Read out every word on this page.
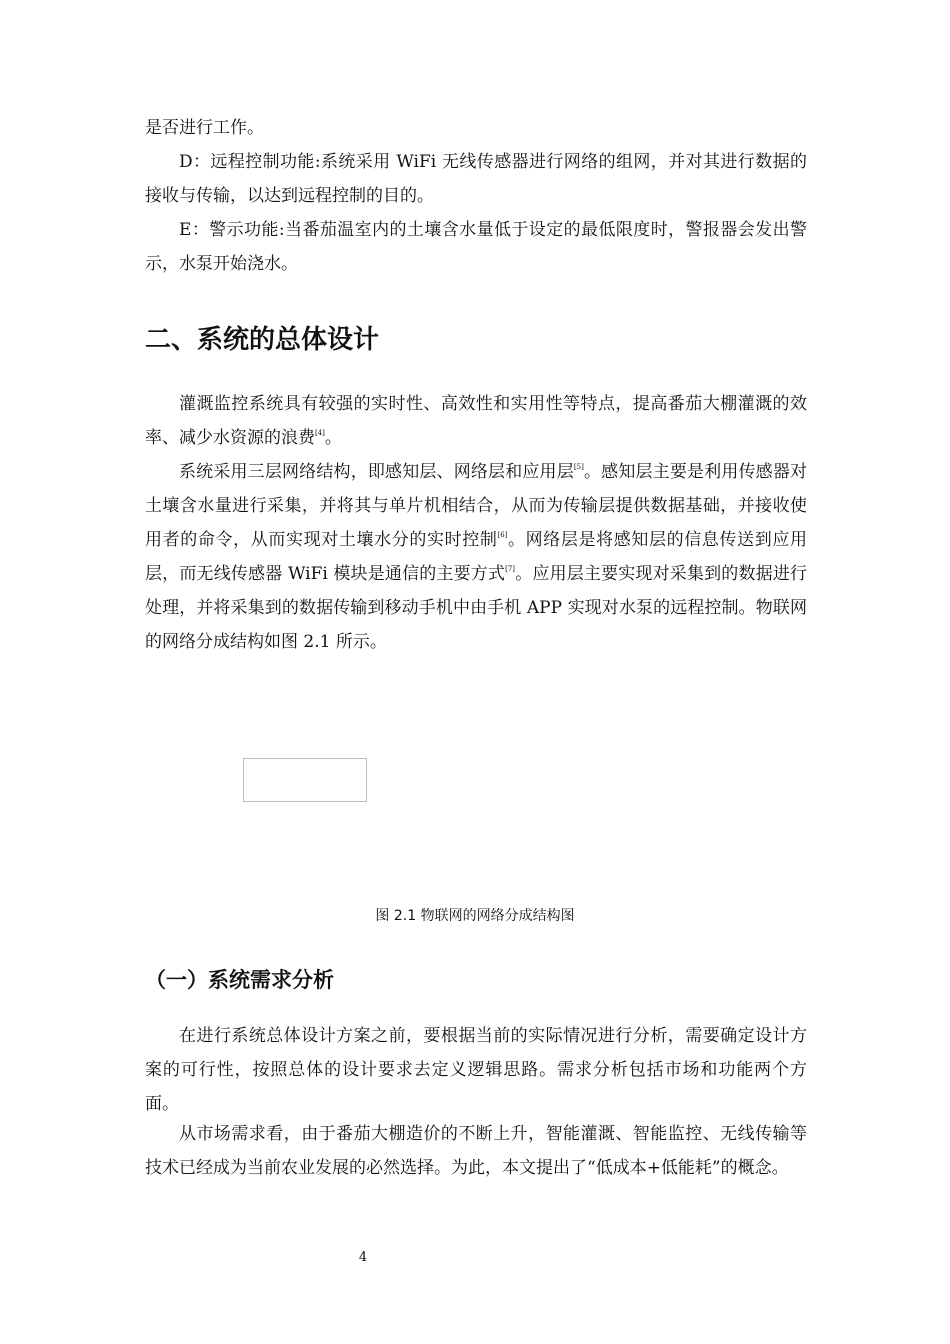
是否进行工作。

D：远程控制功能:系统采用 WiFi 无线传感器进行网络的组网，并对其进行数据的接收与传输，以达到远程控制的目的。

E：警示功能:当番茄温室内的土壤含水量低于设定的最低限度时，警报器会发出警示，水泵开始浇水。

二、系统的总体设计

灌溉监控系统具有较强的实时性、高效性和实用性等特点，提高番茄大棚灌溉的效率、减少水资源的浪费[4]。

系统采用三层网络结构，即感知层、网络层和应用层[5]。感知层主要是利用传感器对土壤含水量进行采集，并将其与单片机相结合，从而为传输层提供数据基础，并接收使用者的命令，从而实现对土壤水分的实时控制[6]。网络层是将感知层的信息传送到应用层，而无线传感器 WiFi 模块是通信的主要方式[7]。应用层主要实现对采集到的数据进行处理，并将采集到的数据传输到移动手机中由手机 APP 实现对水泵的远程控制。物联网的网络分成结构如图 2.1 所示。

图 2.1 物联网的网络分成结构图
（一）系统需求分析

在进行系统总体设计方案之前，要根据当前的实际情况进行分析，需要确定设计方案的可行性，按照总体的设计要求去定义逻辑思路。需求分析包括市场和功能两个方面。

从市场需求看，由于番茄大棚造价的不断上升，智能灌溉、智能监控、无线传输等技术已经成为当前农业发展的必然选择。为此，本文提出了“低成本+低能耗”的概念。

4
